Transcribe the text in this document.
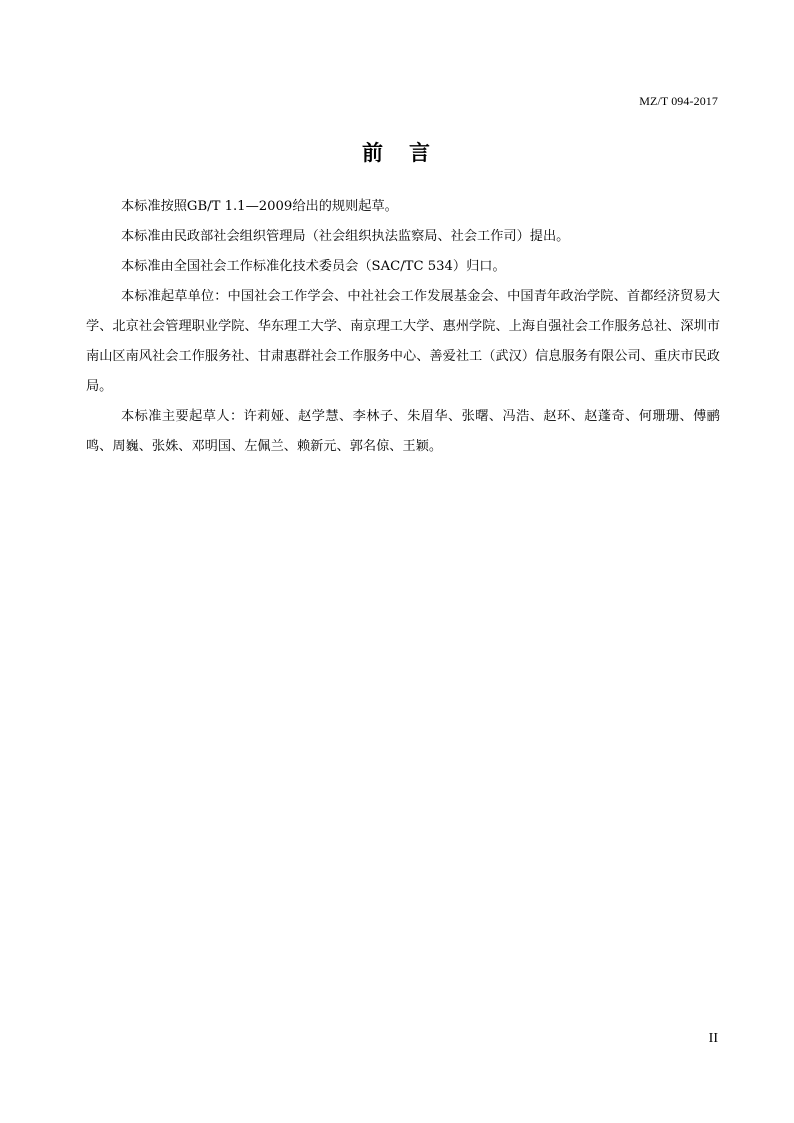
MZ/T 094-2017
前 言

本标准按照GB/T 1.1—2009给出的规则起草。

本标准由民政部社会组织管理局（社会组织执法监察局、社会工作司）提出。

本标准由全国社会工作标准化技术委员会（SAC/TC 534）归口。

本标准起草单位：中国社会工作学会、中社社会工作发展基金会、中国青年政治学院、首都经济贸易大学、北京社会管理职业学院、华东理工大学、南京理工大学、惠州学院、上海自强社会工作服务总社、深圳市南山区南风社会工作服务社、甘肃惠群社会工作服务中心、善爱社工（武汉）信息服务有限公司、重庆市民政局。

本标准主要起草人：许莉娅、赵学慧、李林子、朱眉华、张曙、冯浩、赵环、赵蓬奇、何珊珊、傅鹂鸣、周巍、张姝、邓明国、左佩兰、赖新元、郭名倞、王颖。

II
